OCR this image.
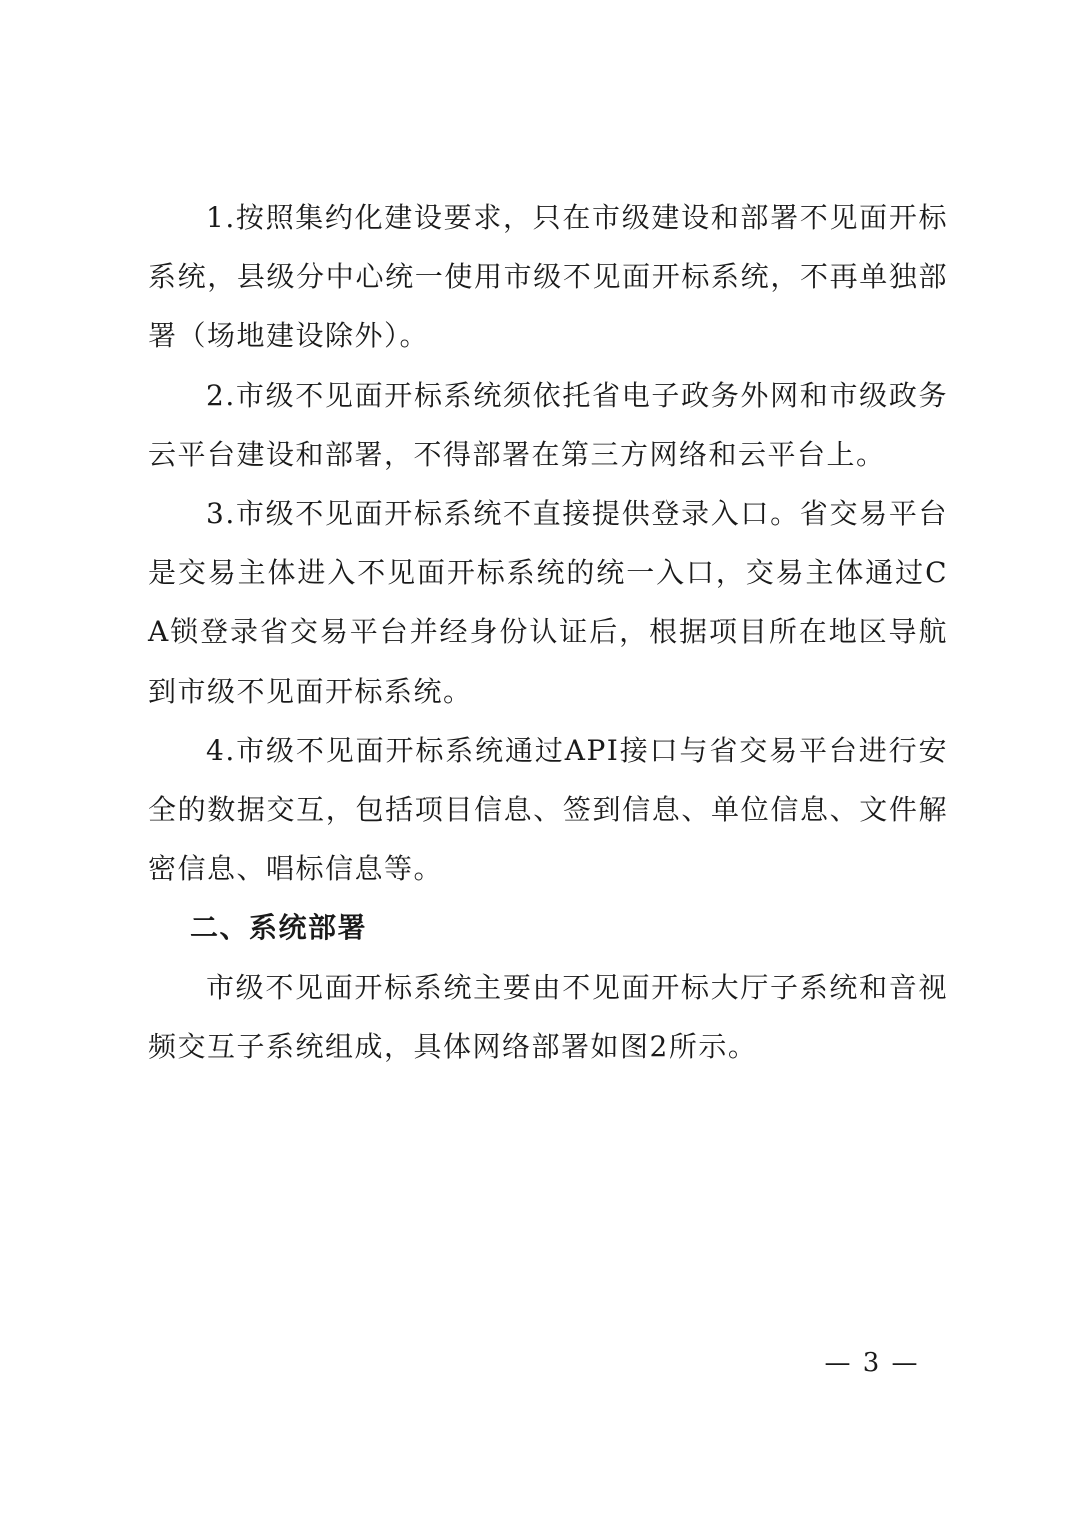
1.按照集约化建设要求，只在市级建设和部署不见面开标系统，县级分中心统一使用市级不见面开标系统，不再单独部署（场地建设除外）。

2.市级不见面开标系统须依托省电子政务外网和市级政务云平台建设和部署，不得部署在第三方网络和云平台上。

3.市级不见面开标系统不直接提供登录入口。省交易平台是交易主体进入不见面开标系统的统一入口，交易主体通过CA锁登录省交易平台并经身份认证后，根据项目所在地区导航到市级不见面开标系统。

4.市级不见面开标系统通过API接口与省交易平台进行安全的数据交互，包括项目信息、签到信息、单位信息、文件解密信息、唱标信息等。

二、系统部署

市级不见面开标系统主要由不见面开标大厅子系统和音视频交互子系统组成，具体网络部署如图2所示。

— 3 —
